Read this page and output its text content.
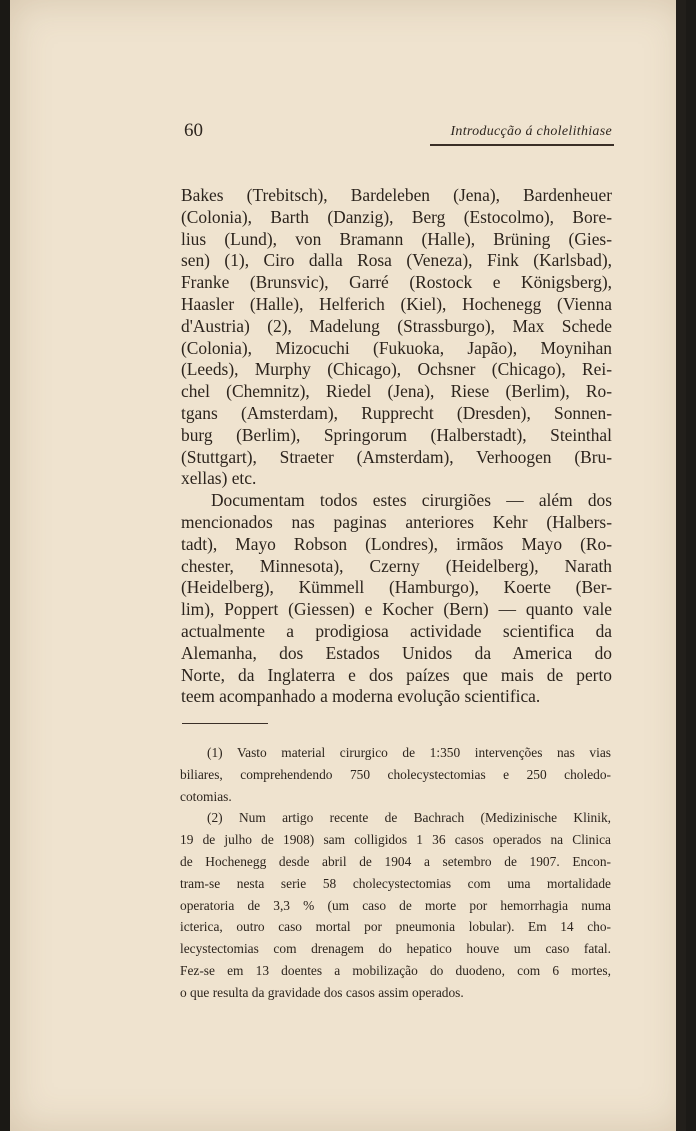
60	Introducção á cholelithiase
Bakes (Trebitsch), Bardeleben (Jena), Bardenheuer
(Colonia), Barth (Danzig), Berg (Estocolmo), Bore-
lius (Lund), von Bramann (Halle), Brüning (Gies-
sen) (1), Ciro dalla Rosa (Veneza), Fink (Karlsbad),
Franke (Brunsvic), Garré (Rostock e Königsberg),
Haasler (Halle), Helferich (Kiel), Hochenegg (Vienna
d'Austria) (2), Madelung (Strassburgo), Max Schede
(Colonia), Mizocuchi (Fukuoka, Japão), Moynihan
(Leeds), Murphy (Chicago), Ochsner (Chicago), Rei-
chel (Chemnitz), Riedel (Jena), Riese (Berlim), Ro-
tgans (Amsterdam), Rupprecht (Dresden), Sonnen-
burg (Berlim), Springorum (Halberstadt), Steinthal
(Stuttgart), Straeter (Amsterdam), Verhoogen (Bru-
xellas) etc.
Documentam todos estes cirurgiões — além dos
mencionados nas paginas anteriores Kehr (Halbers-
tadt), Mayo Robson (Londres), irmãos Mayo (Ro-
chester, Minnesota), Czerny (Heidelberg), Narath
(Heidelberg), Kümmell (Hamburgo), Koerte (Ber-
lim), Poppert (Giessen) e Kocher (Bern) — quanto vale
actualmente a prodigiosa actividade scientifica da
Alemanha, dos Estados Unidos da America do
Norte, da Inglaterra e dos paízes que mais de perto
teem acompanhado a moderna evolução scientifica.
(1) Vasto material cirurgico de 1:350 intervenções nas vias
biliares, comprehendendo 750 cholecystectomias e 250 choledo-
cotomias.
(2) Num artigo recente de Bachrach (Medizinische Klinik,
19 de julho de 1908) sam colligidos 1 36 casos operados na Clinica
de Hochenegg desde abril de 1904 a setembro de 1907. Encon-
tram-se nesta serie 58 cholecystectomias com uma mortalidade
operatoria de 3,3 % (um caso de morte por hemorrhagia numa
icterica, outro caso mortal por pneumonia lobular). Em 14 cho-
lecystectomias com drenagem do hepatico houve um caso fatal.
Fez-se em 13 doentes a mobilização do duodeno, com 6 mortes,
o que resulta da gravidade dos casos assim operados.
